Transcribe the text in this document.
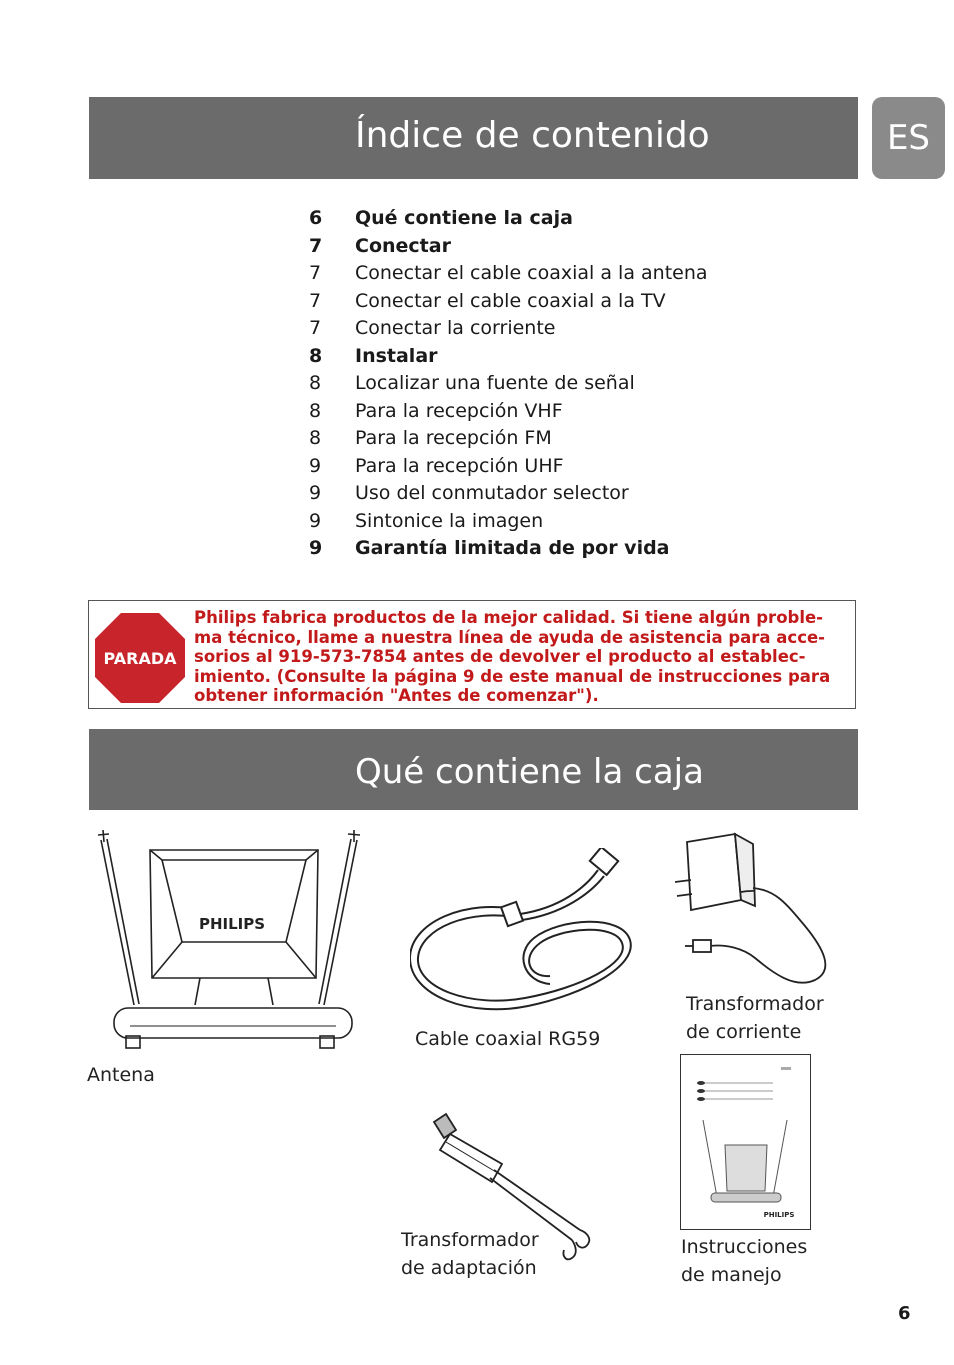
Índice de contenido	ES
6	Qué contiene la caja
7	Conectar
7	Conectar el cable coaxial a la antena
7	Conectar el cable coaxial a la TV
7	Conectar la corriente
8	Instalar
8	Localizar una fuente de señal
8	Para la recepción VHF
8	Para la recepción FM
9	Para la recepción UHF
9	Uso del conmutador selector
9	Sintonice la imagen
9	Garantía limitada de por vida
PARADA
Philips fabrica productos de la mejor calidad. Si tiene algún proble-
ma técnico, llame a nuestra línea de ayuda de asistencia para acce-
sorios al 919-573-7854 antes de devolver el producto al establec-
imiento. (Consulte la página 9 de este manual de instrucciones para
obtener información "Antes de comenzar").
Qué contiene la caja
PHILIPS
Antena
Cable coaxial RG59
Transformador
de corriente
PHILIPS
Instrucciones
de manejo
Transformador
de adaptación
6
